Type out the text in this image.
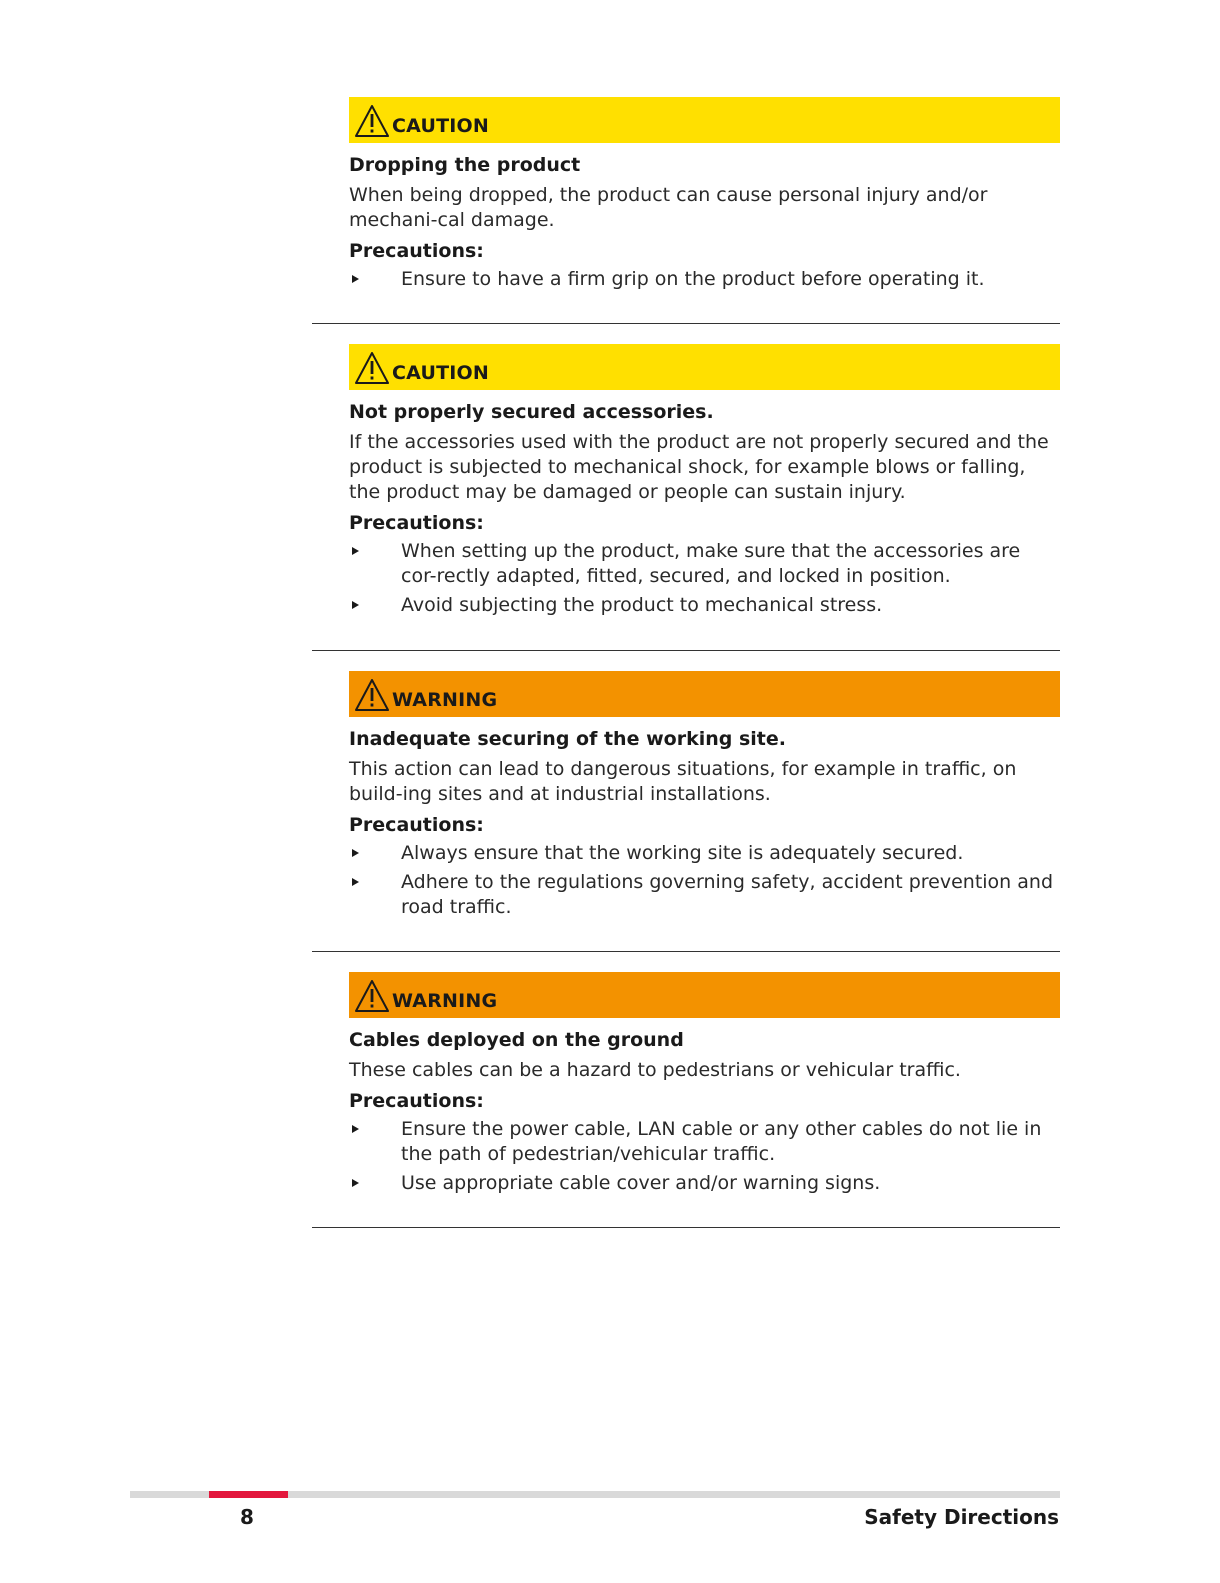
CAUTION
Dropping the product
When being dropped, the product can cause personal injury and/or mechani-cal damage.
Precautions:
Ensure to have a firm grip on the product before operating it.
CAUTION
Not properly secured accessories.
If the accessories used with the product are not properly secured and the product is subjected to mechanical shock, for example blows or falling, the product may be damaged or people can sustain injury.
Precautions:
When setting up the product, make sure that the accessories are cor-rectly adapted, fitted, secured, and locked in position.
Avoid subjecting the product to mechanical stress.
WARNING
Inadequate securing of the working site.
This action can lead to dangerous situations, for example in traffic, on build-ing sites and at industrial installations.
Precautions:
Always ensure that the working site is adequately secured.
Adhere to the regulations governing safety, accident prevention and road traffic.
WARNING
Cables deployed on the ground
These cables can be a hazard to pedestrians or vehicular traffic.
Precautions:
Ensure the power cable, LAN cable or any other cables do not lie in the path of pedestrian/vehicular traffic.
Use appropriate cable cover and/or warning signs.
8	Safety Directions
